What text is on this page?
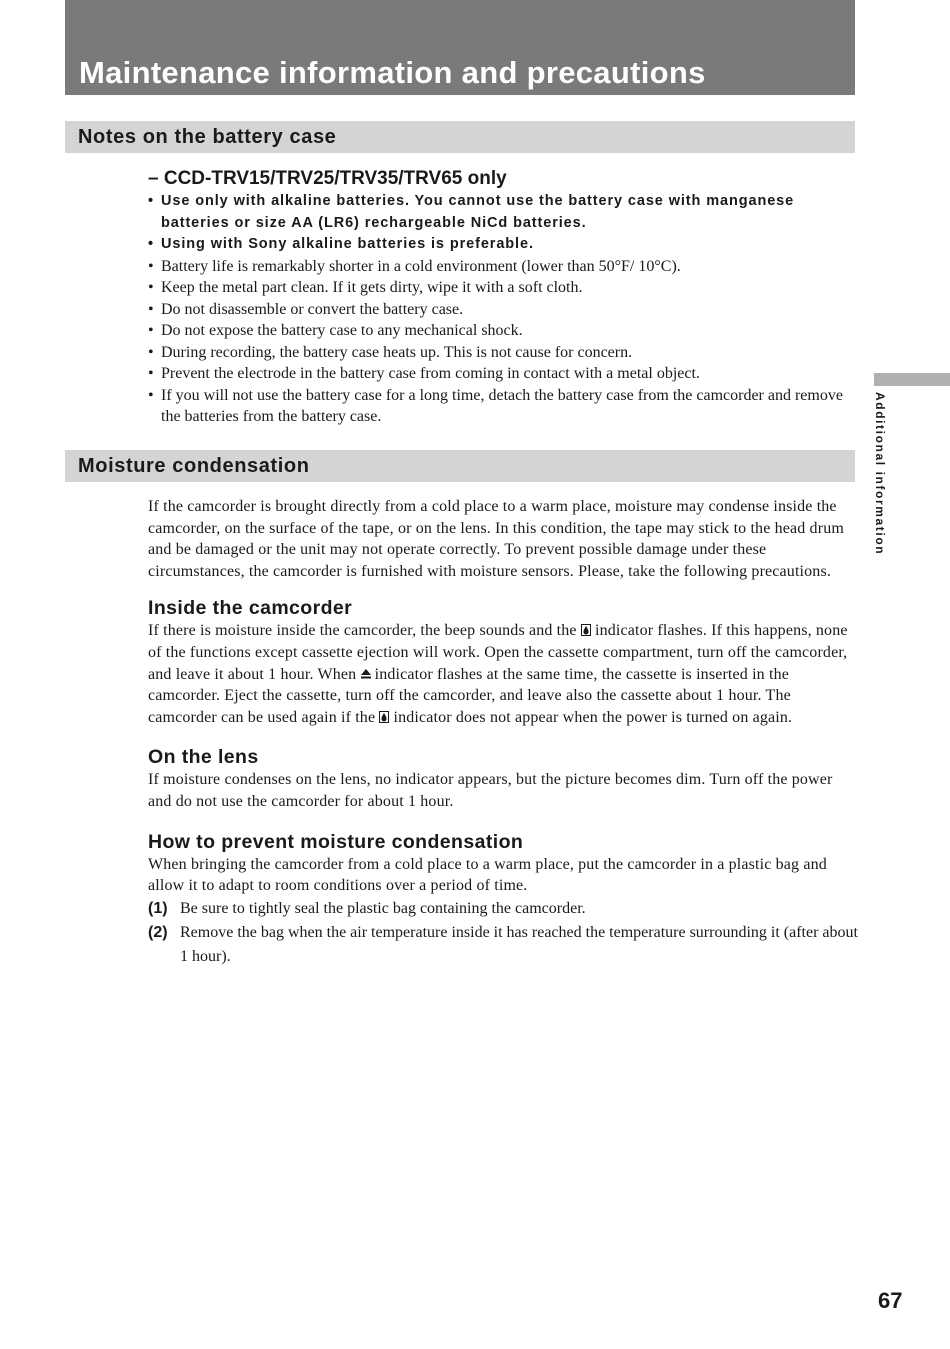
Maintenance information and precautions
Notes on the battery case

– CCD-TRV15/TRV25/TRV35/TRV65 only

• Use only with alkaline batteries. You cannot use the battery case with manganese batteries or size AA (LR6) rechargeable NiCd batteries.
• Using with Sony alkaline batteries is preferable.
• Battery life is remarkably shorter in a cold environment (lower than 50°F/ 10°C).
• Keep the metal part clean. If it gets dirty, wipe it with a soft cloth.
• Do not disassemble or convert the battery case.
• Do not expose the battery case to any mechanical shock.
• During recording, the battery case heats up. This is not cause for concern.
• Prevent the electrode in the battery case from coming in contact with a metal object.
• If you will not use the battery case for a long time, detach the battery case from the camcorder and remove the batteries from the battery case.
Moisture condensation

If the camcorder is brought directly from a cold place to a warm place, moisture may condense inside the camcorder, on the surface of the tape, or on the lens. In this condition, the tape may stick to the head drum and be damaged or the unit may not operate correctly. To prevent possible damage under these circumstances, the camcorder is furnished with moisture sensors. Please, take the following precautions.

Inside the camcorder

If there is moisture inside the camcorder, the beep sounds and the  indicator flashes. If this happens, none of the functions except cassette ejection will work. Open the cassette compartment, turn off the camcorder, and leave it about 1 hour. When  indicator flashes at the same time, the cassette is inserted in the camcorder. Eject the cassette, turn off the camcorder, and leave also the cassette about 1 hour. The camcorder can be used again if the  indicator does not appear when the power is turned on again.

On the lens

If moisture condenses on the lens, no indicator appears, but the picture becomes dim. Turn off the power and do not use the camcorder for about 1 hour.

How to prevent moisture condensation

When bringing the camcorder from a cold place to a warm place, put the camcorder in a plastic bag and allow it to adapt to room conditions over a period of time.

(1) Be sure to tightly seal the plastic bag containing the camcorder.
(2) Remove the bag when the air temperature inside it has reached the temperature surrounding it (after about 1 hour).
Additional information
67
